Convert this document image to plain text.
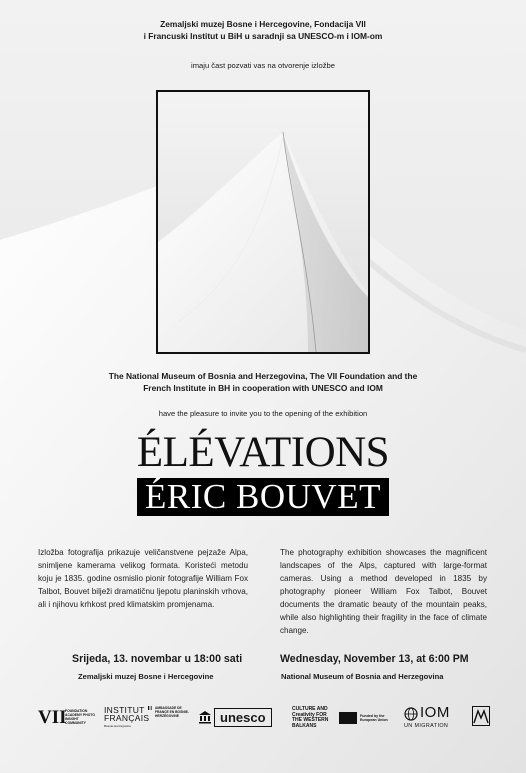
Zemaljski muzej Bosne i Hercegovine, Fondacija VII
i Francuski Institut u BiH u saradnji sa UNESCO-m i IOM-om
imaju čast pozvati vas na otvorenje izložbe
The National Museum of Bosnia and Herzegovina, The VII Foundation and the
French Institute in BH in cooperation with UNESCO and IOM
have the pleasure to invite you to the opening of the exhibition
ÉLÉVATIONS
ÉRIC BOUVET
Izložba fotografija prikazuje veličanstvene pejzaže Alpa, snimljene kamerama velikog formata. Koristeći metodu koju je 1835. godine osmislio pionir fotografije William Fox Talbot, Bouvet bilježi dramatičnu ljepotu planinskih vrhova, ali i njihovu krhkost pred klimatskim promjenama.
The photography exhibition showcases the magnificent landscapes of the Alps, captured with large-format cameras. Using a method developed in 1835 by photography pioneer William Fox Talbot, Bouvet documents the dramatic beauty of the mountain peaks, while also highlighting their fragility in the face of climate change.
Srijeda, 13. novembar u 18:00 sati
Zemaljski muzej Bosne i Hercegovine
Wednesday, November 13, at 6:00 PM
National Museum of Bosnia and Herzegovina
VII
FOUNDATION ACADEMY PHOTO INSIGHT COMMUNITY
INSTITUT FRANÇAIS
Bosnie-Herzégovine
AMBASSADE DE FRANCE EN BOSNIE-HERZÉGOVINE	unesco
CULTURE AND Creativity FOR THE WESTERN BALKANS
Funded by the European Union	IOM
UN MIGRATION
